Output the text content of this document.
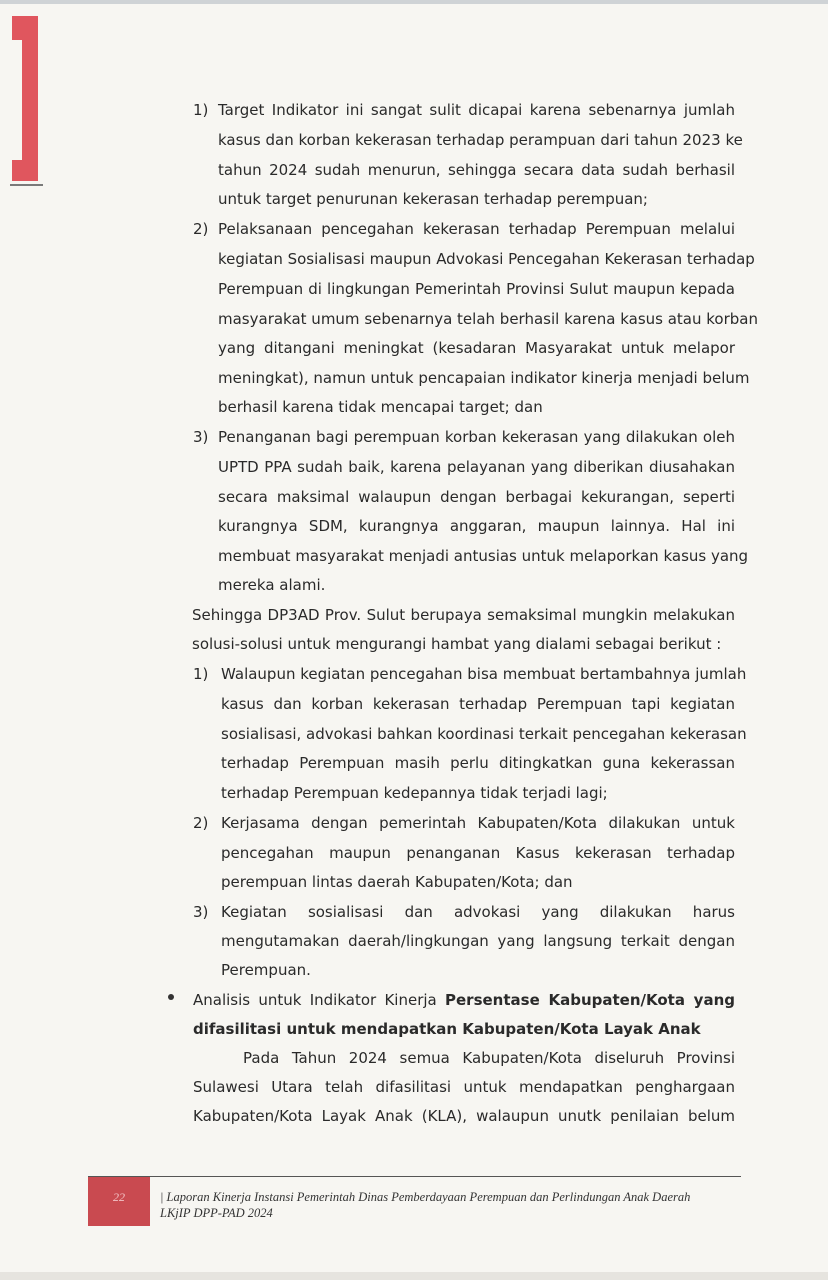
1) Target Indikator ini sangat sulit dicapai karena sebenarnya jumlah
kasus dan korban kekerasan terhadap perampuan dari tahun 2023 ke
tahun 2024 sudah menurun, sehingga secara data sudah berhasil
untuk target penurunan kekerasan terhadap perempuan;
2) Pelaksanaan pencegahan kekerasan terhadap Perempuan melalui
kegiatan Sosialisasi maupun Advokasi Pencegahan Kekerasan terhadap
Perempuan di lingkungan Pemerintah Provinsi Sulut maupun kepada
masyarakat umum sebenarnya telah berhasil karena kasus atau korban
yang ditangani meningkat (kesadaran Masyarakat untuk melapor
meningkat), namun untuk pencapaian indikator kinerja menjadi belum
berhasil karena tidak mencapai target; dan
3) Penanganan bagi perempuan korban kekerasan yang dilakukan oleh
UPTD PPA sudah baik, karena pelayanan yang diberikan diusahakan
secara maksimal walaupun dengan berbagai kekurangan, seperti
kurangnya SDM, kurangnya anggaran, maupun lainnya. Hal ini
membuat masyarakat menjadi antusias untuk melaporkan kasus yang
mereka alami.
Sehingga DP3AD Prov. Sulut berupaya semaksimal mungkin melakukan
solusi-solusi untuk mengurangi hambat yang dialami sebagai berikut :
1) Walaupun kegiatan pencegahan bisa membuat bertambahnya jumlah
kasus dan korban kekerasan terhadap Perempuan tapi kegiatan
sosialisasi, advokasi bahkan koordinasi terkait pencegahan kekerasan
terhadap Perempuan masih perlu ditingkatkan guna kekerassan
terhadap Perempuan kedepannya tidak terjadi lagi;
2) Kerjasama dengan pemerintah Kabupaten/Kota dilakukan untuk
pencegahan maupun penanganan Kasus kekerasan terhadap
perempuan lintas daerah Kabupaten/Kota; dan
3) Kegiatan sosialisasi dan advokasi yang dilakukan harus
mengutamakan daerah/lingkungan yang langsung terkait dengan
Perempuan.
Analisis untuk Indikator Kinerja Persentase Kabupaten/Kota yang
difasilitasi untuk mendapatkan Kabupaten/Kota Layak Anak
Pada Tahun 2024 semua Kabupaten/Kota diseluruh Provinsi
Sulawesi Utara telah difasilitasi untuk mendapatkan penghargaan
Kabupaten/Kota Layak Anak (KLA), walaupun unutk penilaian belum
22	| Laporan Kinerja Instansi Pemerintah Dinas Pemberdayaan Perempuan dan Perlindungan Anak Daerah
LKjIP DPP-PAD 2024
